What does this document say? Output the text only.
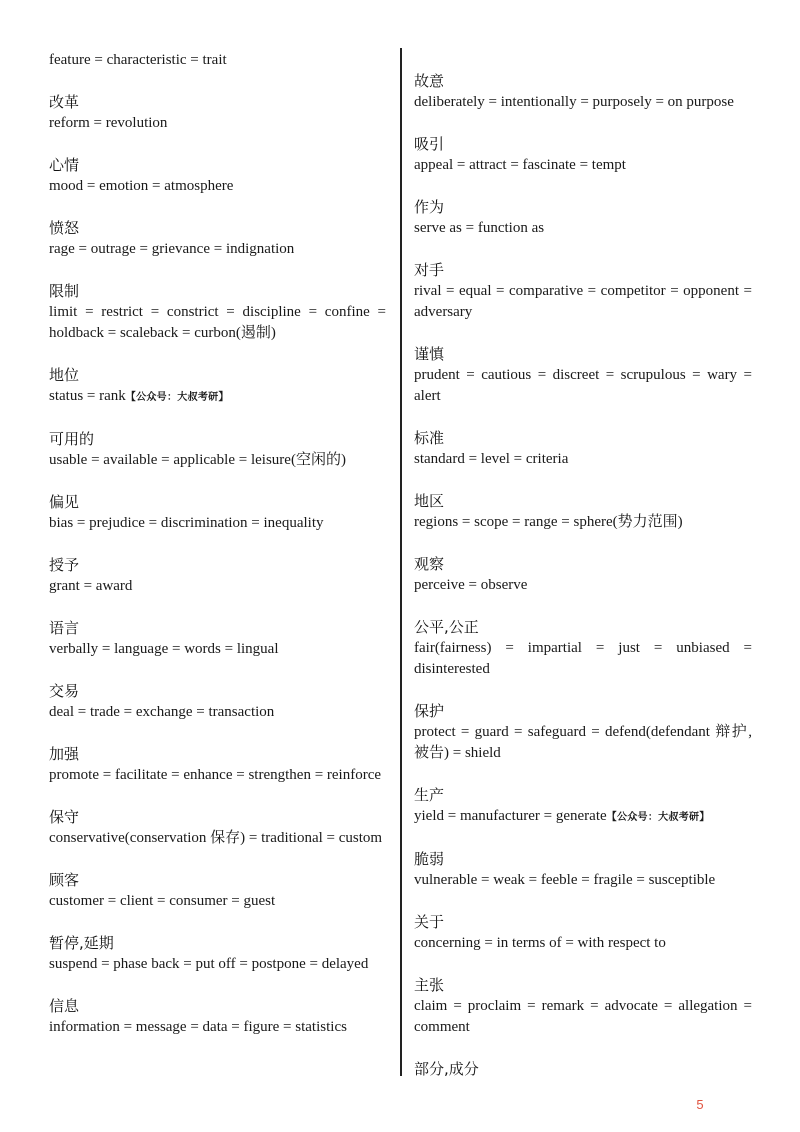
feature = characteristic = trait
改革
reform = revolution
心情
mood = emotion = atmosphere
愤怒
rage = outrage = grievance = indignation
限制
limit = restrict = constrict = discipline = confine = holdback = scaleback = curbon(遏制)
地位
status = rank【公众号：大叔考研】
可用的
usable = available = applicable = leisure(空闲的)
偏见
bias = prejudice = discrimination = inequality
授予
grant = award
语言
verbally = language = words = lingual
交易
deal = trade = exchange = transaction
加强
promote = facilitate = enhance = strengthen = reinforce
保守
conservative(conservation 保存) = traditional = custom
顾客
customer = client = consumer = guest
暂停,延期
suspend = phase back = put off = postpone = delayed
信息
information = message = data = figure = statistics
故意
deliberately = intentionally = purposely = on purpose
吸引
appeal = attract = fascinate = tempt
作为
serve as = function as
对手
rival = equal = comparative = competitor = opponent = adversary
谨慎
prudent = cautious = discreet = scrupulous = wary = alert
标准
standard = level = criteria
地区
regions = scope = range = sphere(势力范围)
观察
perceive = observe
公平,公正
fair(fairness) = impartial = just = unbiased = disinterested
保护
protect = guard = safeguard = defend(defendant 辩护,被告) = shield
生产
yield = manufacturer = generate【公众号：大叔考研】
脆弱
vulnerable = weak = feeble = fragile = susceptible
关于
concerning = in terms of = with respect to
主张
claim = proclaim = remark = advocate = allegation = comment
部分,成分
5
